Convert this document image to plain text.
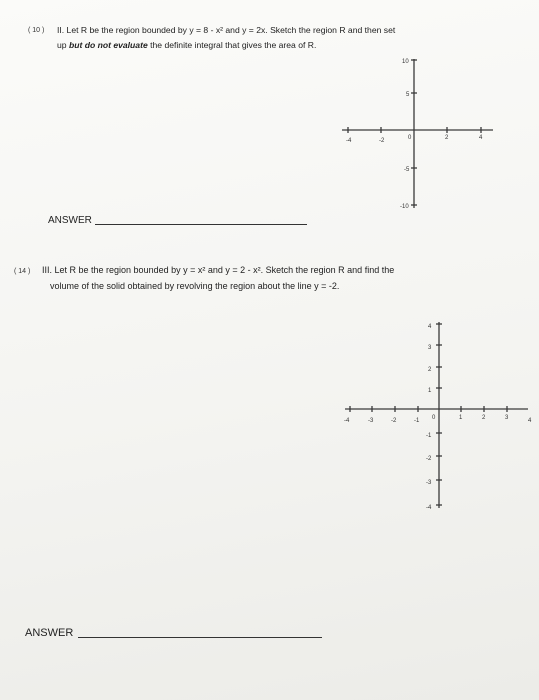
( 10 ) II. Let R be the region bounded by y = 8 - x² and y = 2x. Sketch the region R and then set
up but do not evaluate the definite integral that gives the area of R.
-4	-2	0	2	4
10
5
-5
-10
ANSWER
( 14 ) III. Let R be the region bounded by y = x² and y = 2 - x². Sketch the region R and find the
volume of the solid obtained by revolving the region about the line y = -2.
-4	-3	-2	-1 0	1	2	3	4
4
3
2
1
-1
-2
-3
-4
ANSWER
